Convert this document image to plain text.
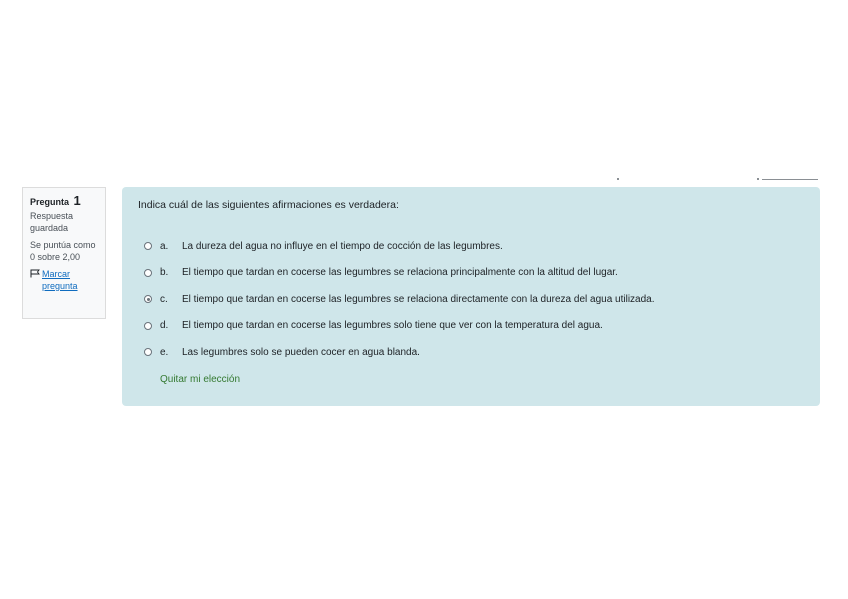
Pregunta 1
Respuesta guardada
Se puntúa como 0 sobre 2,00
Marcar pregunta
Indica cuál de las siguientes afirmaciones es verdadera:
a.	La dureza del agua no influye en el tiempo de cocción de las legumbres.
b.	El tiempo que tardan en cocerse las legumbres se relaciona principalmente con la altitud del lugar.
c.	El tiempo que tardan en cocerse las legumbres se relaciona directamente con la dureza del agua utilizada.
d.	El tiempo que tardan en cocerse las legumbres solo tiene que ver con la temperatura del agua.
e.	Las legumbres solo se pueden cocer en agua blanda.
Quitar mi elección
